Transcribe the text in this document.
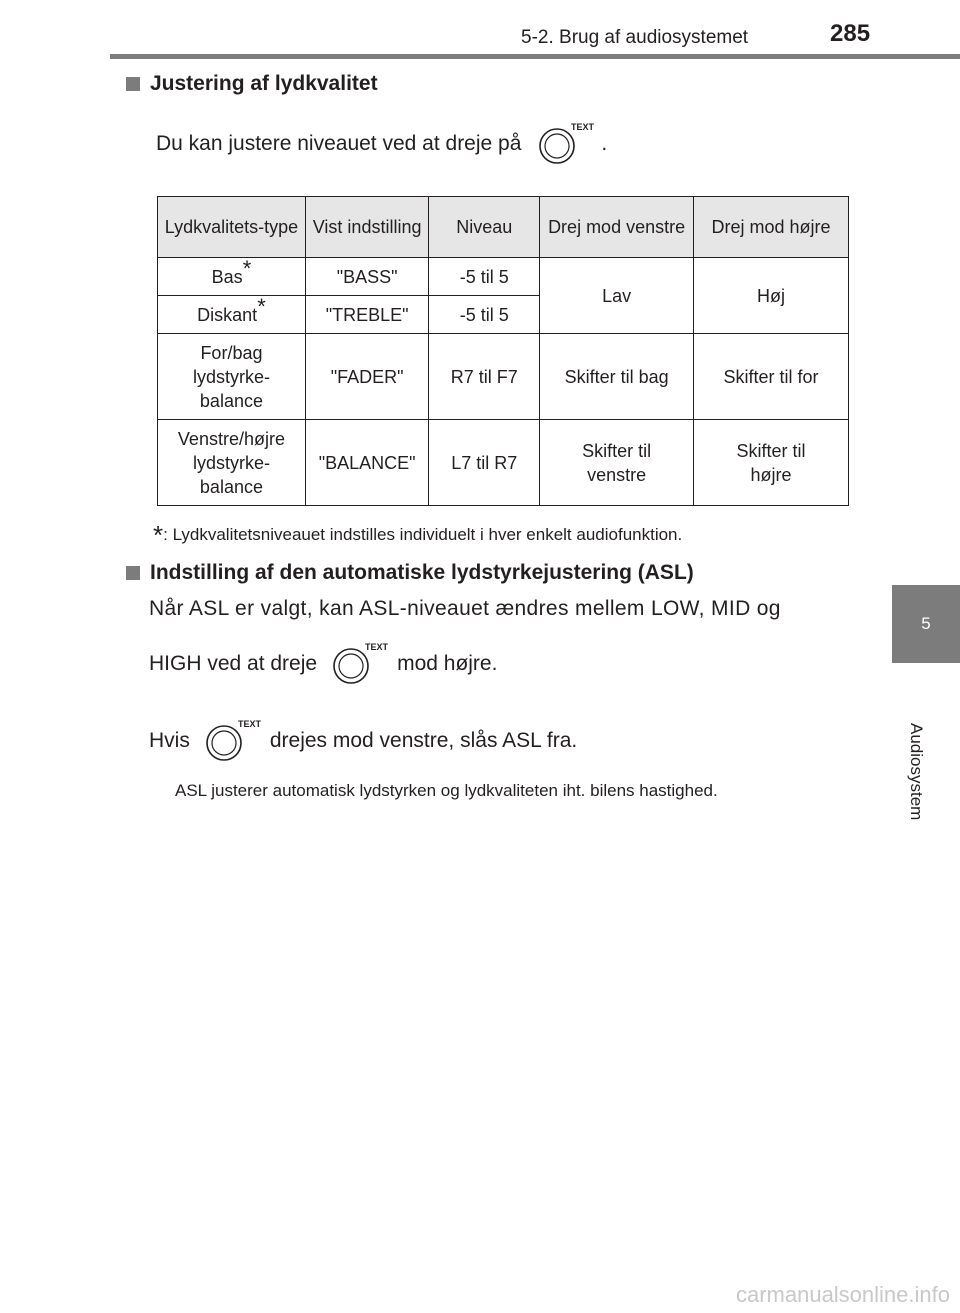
5-2. Brug af audiosystemet	285
5
Audiosystem
Justering af lydkvalitet
Du kan justere niveauet ved at dreje på
TEXT
.
Lydkvalitets-type	Vist indstilling	Niveau	Drej mod venstre	Drej mod højre
Bas*	"BASS"	-5 til 5	Lav	Høj
Diskant*	"TREBLE"	-5 til 5		
For/bag lydstyrke-balance	"FADER"	R7 til F7	Skifter til bag	Skifter til for
Venstre/højre lydstyrke-balance	"BALANCE"	L7 til R7	Skifter til venstre	Skifter til højre
*: Lydkvalitetsniveauet indstilles individuelt i hver enkelt audiofunktion.
Indstilling af den automatiske lydstyrkejustering (ASL)
Når ASL er valgt, kan ASL-niveauet ændres mellem LOW, MID og
HIGH ved at dreje
TEXT
mod højre.
Hvis
TEXT
drejes mod venstre, slås ASL fra.
ASL justerer automatisk lydstyrken og lydkvaliteten iht. bilens hastighed.
carmanualsonline.info
